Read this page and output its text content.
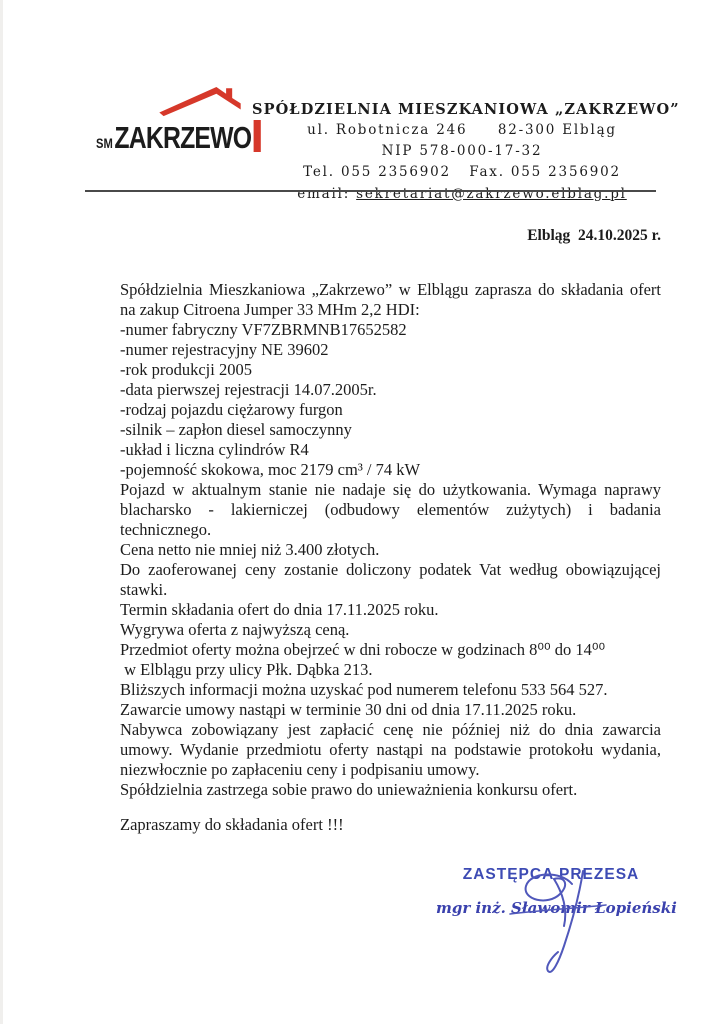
SM ZAKRZEWO
SPÓŁDZIELNIA MIESZKANIOWA „ZAKRZEWO”
ul. Robotnicza 246     82-300 Elbląg
NIP 578-000-17-32
Tel. 055 2356902   Fax. 055 2356902
email: sekretariat@zakrzewo.elblag.pl
Elbląg  24.10.2025 r.
Spółdzielnia Mieszkaniowa „Zakrzewo” w Elblągu zaprasza do składania ofert
na zakup Citroena Jumper 33 MHm 2,2 HDI:
-numer fabryczny VF7ZBRMNB17652582
-numer rejestracyjny NE 39602
-rok produkcji 2005
-data pierwszej rejestracji 14.07.2005r.
-rodzaj pojazdu ciężarowy furgon
-silnik – zapłon diesel samoczynny
-układ i liczna cylindrów R4
-pojemność skokowa, moc 2179 cm³ / 74 kW
Pojazd w aktualnym stanie nie nadaje się do użytkowania. Wymaga naprawy
blacharsko - lakierniczej (odbudowy elementów zużytych) i badania
technicznego.
Cena netto nie mniej niż 3.400 złotych.
Do zaoferowanej ceny zostanie doliczony podatek Vat według obowiązującej
stawki.
Termin składania ofert do dnia 17.11.2025 roku.
Wygrywa oferta z najwyższą ceną.
Przedmiot oferty można obejrzeć w dni robocze w godzinach 8⁰⁰ do 14⁰⁰
w Elblągu przy ulicy Płk. Dąbka 213.
Bliższych informacji można uzyskać pod numerem telefonu 533 564 527.
Zawarcie umowy nastąpi w terminie 30 dni od dnia 17.11.2025 roku.
Nabywca zobowiązany jest zapłacić cenę nie później niż do dnia zawarcia
umowy. Wydanie przedmiotu oferty nastąpi na podstawie protokołu wydania,
niezwłocznie po zapłaceniu ceny i podpisaniu umowy.
Spółdzielnia zastrzega sobie prawo do unieważnienia konkursu ofert.
Zapraszamy do składania ofert !!!
ZASTĘPCA PREZESA
mgr inż. Sławomir Łopieński
